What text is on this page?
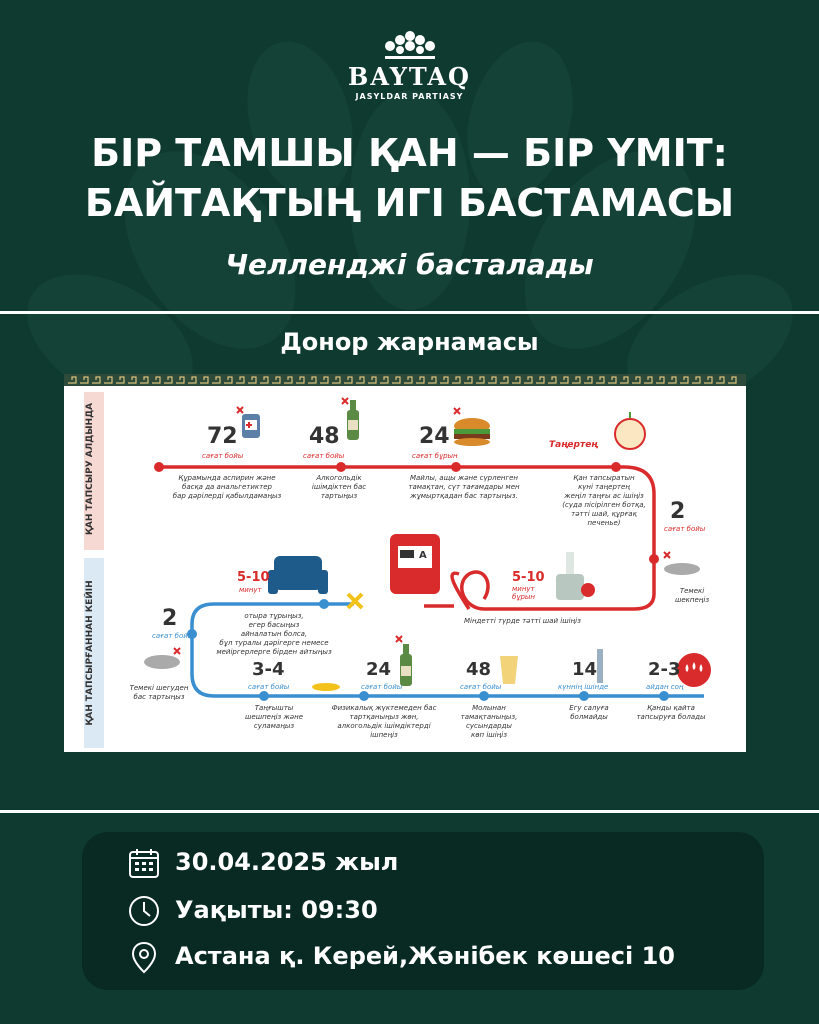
BAYTAQ
JASYLDAR PARTIASY
БІР ТАМШЫ ҚАН — БІР ҮМІТ:
БАЙТАҚТЫҢ ИГІ БАСТАМАСЫ
Челленджі басталады
Донор жарнамасы
ҚАН ТАПСЫРУ АЛДЫНДА
ҚАН ТАПСЫРҒАННАН КЕЙІН
72
сағат бойы
Құрамында аспирин және
басқа да анальгетиктер
бар дәрілерді қабылдамаңыз
48
сағат бойы
Алкогольдік
ішімдіктен бас
тартыңыз
24
сағат бұрын
Майлы, ащы және сүрленген
тамақтан, сүт тағамдары мен
жұмыртқадан бас тартыңыз.
Таңертең
Қан тапсыратын
күні таңертең
жеңіл таңғы ас ішіңіз
(суда пісірілген ботқа,
тәтті шай, құрғақ
печенье)	2
сағат бойы
Темекі
шекпеңіз
A
5-10
минут
бұрын
Міндетті түрде тәтті шай ішіңіз
5-10
минут
отыра тұрыңыз,
егер басыңыз
айналатын болса,
бұл туралы дәрігерге немесе
мейіргерлерге бірден айтыңыз
2
сағат бойы
Темекі шегуден
бас тартыңыз
3-4
сағат бойы
Таңғышты
шешпеңіз және
суламаңыз
24
сағат бойы
Физикалық жүктемеден бас
тартқаныңыз жөн,
алкогольдік ішімдіктерді
ішпеңіз
48
сағат бойы
Молынан
тамақтаныңыз,
сусындарды
көп ішіңіз
14
күннің ішінде
Егу салуға
болмайды
2-3
айдан соң
Қанды қайта
тапсыруға болады
30.04.2025 жыл
Уақыты: 09:30
Астана қ. Керей,Жәнібек көшесі 10
